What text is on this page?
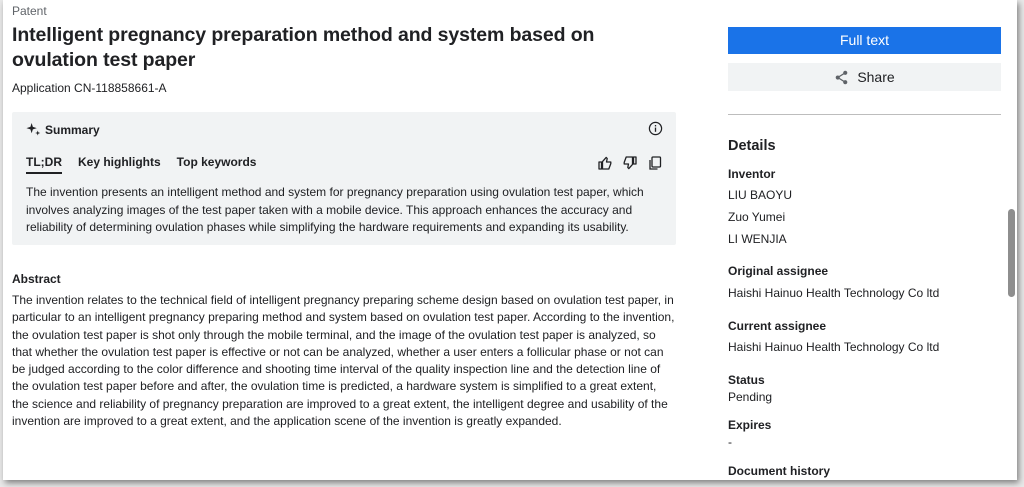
Patent
Intelligent pregnancy preparation method and system based on ovulation test paper
Application CN-118858661-A
Summary
TL;DR Key highlights Top keywords

The invention presents an intelligent method and system for pregnancy preparation using ovulation test paper, which involves analyzing images of the test paper taken with a mobile device. This approach enhances the accuracy and reliability of determining ovulation phases while simplifying the hardware requirements and expanding its usability.

Abstract

The invention relates to the technical field of intelligent pregnancy preparing scheme design based on ovulation test paper, in particular to an intelligent pregnancy preparing method and system based on ovulation test paper. According to the invention, the ovulation test paper is shot only through the mobile terminal, and the image of the ovulation test paper is analyzed, so that whether the ovulation test paper is effective or not can be analyzed, whether a user enters a follicular phase or not can be judged according to the color difference and shooting time interval of the quality inspection line and the detection line of the ovulation test paper before and after, the ovulation time is predicted, a hardware system is simplified to a great extent, the science and reliability of pregnancy preparation are improved to a great extent, the intelligent degree and usability of the invention are improved to a great extent, and the application scene of the invention is greatly expanded.

Full text
Share
Details
Inventor
LIU BAOYU
Zuo Yumei
LI WENJIA
Original assignee
Haishi Hainuo Health Technology Co ltd
Current assignee
Haishi Hainuo Health Technology Co ltd
Status
Pending
Expires
-
Document history
